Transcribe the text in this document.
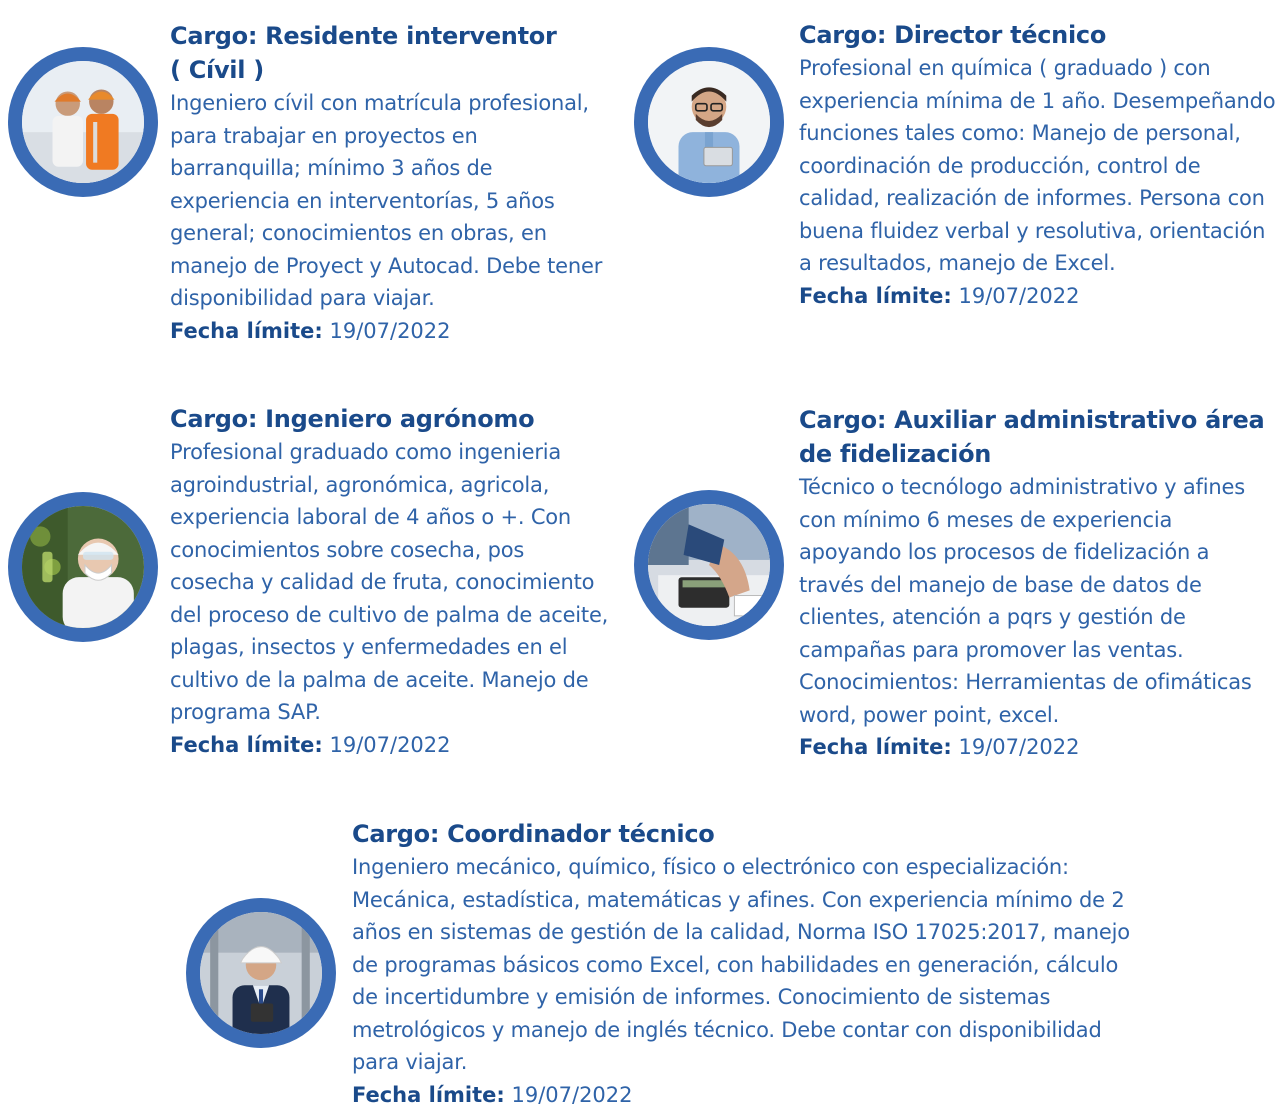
Cargo: Residente interventor
( Cívil )

Ingeniero cívil con matrícula profesional, para trabajar en proyectos en barranquilla; mínimo 3 años de experiencia en interventorías, 5 años general; conocimientos en obras, en manejo de Proyect y Autocad. Debe tener disponibilidad para viajar.

Fecha límite: 19/07/2022

Cargo: Director técnico

Profesional en química ( graduado ) con experiencia mínima de 1 año. Desempeñando funciones tales como: Manejo de personal, coordinación de producción, control de calidad, realización de informes. Persona con buena fluidez verbal y resolutiva, orientación a resultados, manejo de Excel.

Fecha límite: 19/07/2022

Cargo: Ingeniero agrónomo

Profesional graduado como ingenieria agroindustrial, agronómica, agricola, experiencia laboral de 4 años o +. Con conocimientos sobre cosecha, pos cosecha y calidad de fruta, conocimiento del proceso de cultivo de palma de aceite, plagas, insectos y enfermedades en el cultivo de la palma de aceite. Manejo de programa SAP.

Fecha límite: 19/07/2022

Cargo: Auxiliar administrativo área
de fidelización

Técnico o tecnólogo administrativo y afines con mínimo 6 meses de experiencia apoyando los procesos de fidelización a través del manejo de base de datos de clientes, atención a pqrs y gestión de campañas para promover las ventas. Conocimientos: Herramientas de ofimáticas word, power point, excel.

Fecha límite: 19/07/2022

Cargo: Coordinador técnico

Ingeniero mecánico, químico, físico o electrónico con especialización:
Mecánica, estadística, matemáticas y afines. Con experiencia mínimo de 2
años en sistemas de gestión de la calidad, Norma ISO 17025:2017, manejo
de programas básicos como Excel, con habilidades en generación, cálculo
de incertidumbre y emisión de informes. Conocimiento de sistemas
metrológicos y manejo de inglés técnico. Debe contar con disponibilidad
para viajar.

Fecha límite: 19/07/2022
